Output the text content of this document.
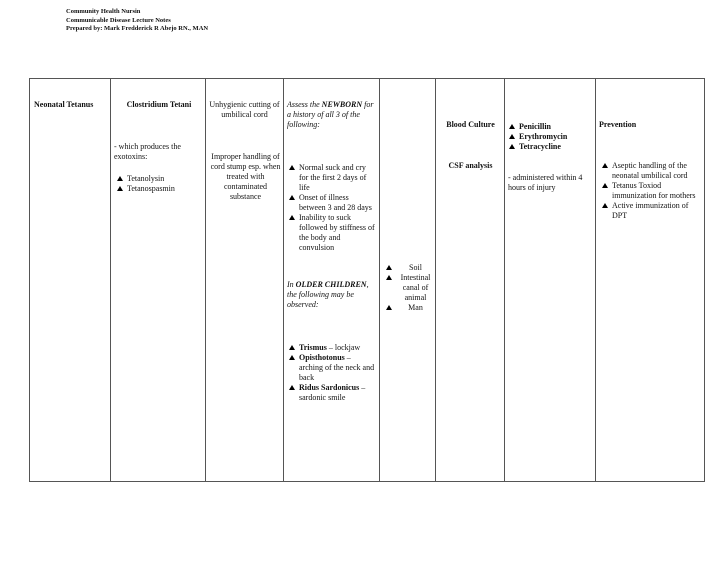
Community Health Nursin
Communicable Disease Lecture Notes
Prepared by: Mark Fredderick R Abejo RN., MAN
Neonatal Tetanus	Clostridium Tetani
- which produces the exotoxins:
Tetanolysin
Tetanospasmin
Unhygienic cutting of umbilical cord
Improper handling of cord stump esp. when treated with contaminated substance
Assess the NEWBORN for a history of all 3 of the following:
Normal suck and cry for the first 2 days of life
Onset of illness between 3 and 28 days
Inability to suck followed by stiffness of the body and convulsion
In OLDER CHILDREN, the following may be observed:
Trismus – lockjaw
Opisthotonus – arching of the neck and back
Ridus Sardonicus – sardonic smile
Soil
Intestinal canal of animal
Man
Blood Culture
CSF analysis
Penicillin
Erythromycin
Tetracycline
- administered within 4 hours of injury
Prevention
Aseptic handling of the neonatal umbilical cord
Tetanus Toxiod immunization for mothers
Active immunization of DPT
